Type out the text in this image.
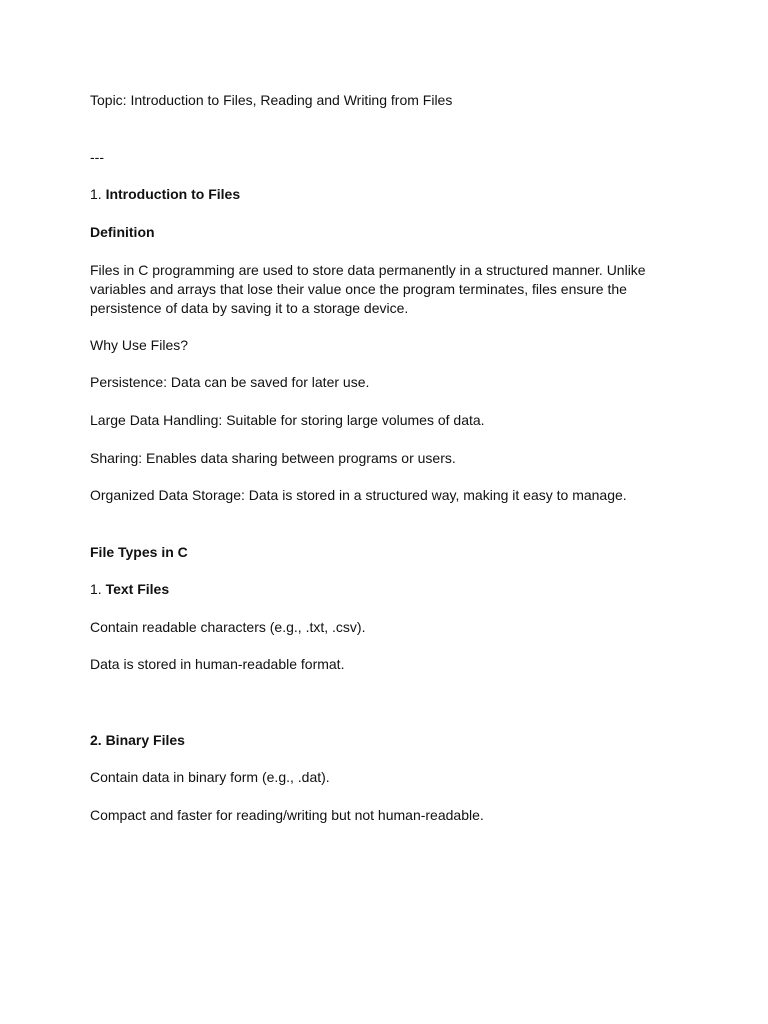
Topic: Introduction to Files, Reading and Writing from Files

---

1. Introduction to Files

Definition

Files in C programming are used to store data permanently in a structured manner. Unlike

variables and arrays that lose their value once the program terminates, files ensure the

persistence of data by saving it to a storage device.

Why Use Files?

Persistence: Data can be saved for later use.

Large Data Handling: Suitable for storing large volumes of data.

Sharing: Enables data sharing between programs or users.

Organized Data Storage: Data is stored in a structured way, making it easy to manage.

File Types in C

1. Text Files

Contain readable characters (e.g., .txt, .csv).

Data is stored in human-readable format.

2. Binary Files

Contain data in binary form (e.g., .dat).

Compact and faster for reading/writing but not human-readable.
